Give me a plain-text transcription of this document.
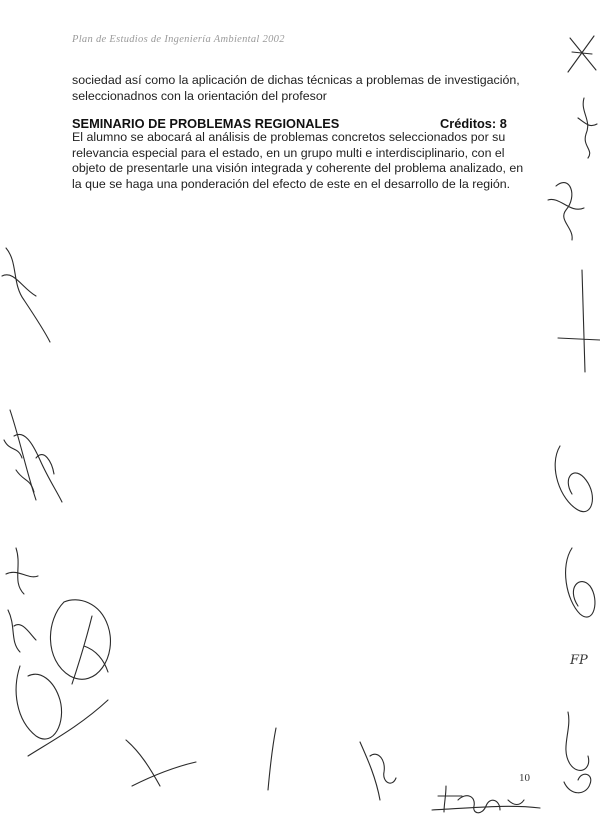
Plan de Estudios de Ingeniería Ambiental 2002
sociedad así como la aplicación de dichas técnicas a problemas de investigación,
seleccionadnos con la orientación del profesor
SEMINARIO DE PROBLEMAS REGIONALES	Créditos: 8
El alumno se abocará al análisis de problemas concretos seleccionados por su
relevancia especial para el estado, en un grupo multi e interdisciplinario, con el
objeto de presentarle una visión integrada y coherente del problema analizado, en
la que se haga una ponderación del efecto de este en el desarrollo de la región.
10
FP
